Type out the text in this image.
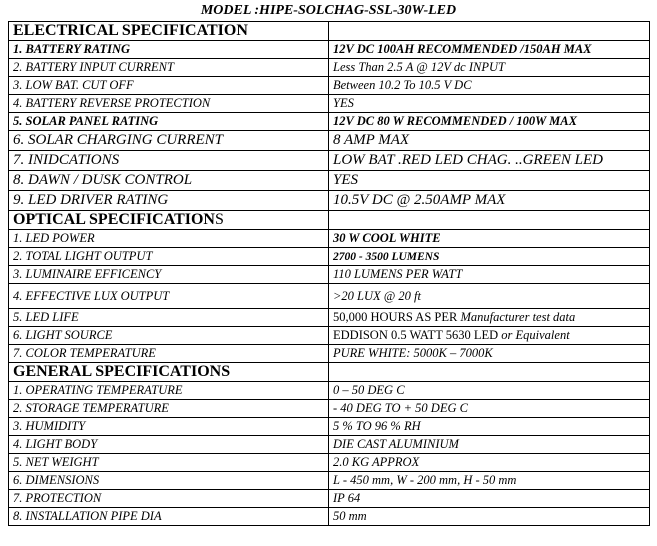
MODEL :HIPE-SOLCHAG-SSL-30W-LED
ELECTRICAL SPECIFICATION	
1. BATTERY RATING	12V DC 100AH RECOMMENDED /150AH MAX
2. BATTERY INPUT CURRENT	Less Than 2.5 A @ 12V dc INPUT
3. LOW BAT. CUT OFF	Between 10.2 To 10.5 V DC
4. BATTERY REVERSE PROTECTION	YES
5. SOLAR PANEL RATING	12V DC 80 W RECOMMENDED / 100W MAX
6. SOLAR CHARGING CURRENT	8 AMP MAX
7. INIDCATIONS	LOW BAT .RED LED CHAG. ..GREEN LED
8. DAWN / DUSK CONTROL	YES
9. LED DRIVER RATING	10.5V DC @ 2.50AMP MAX
OPTICAL SPECIFICATIONS	
1. LED POWER	30 W COOL WHITE
2. TOTAL LIGHT OUTPUT	2700 - 3500 LUMENS
3. LUMINAIRE EFFICENCY	110 LUMENS PER WATT
4. EFFECTIVE LUX OUTPUT	>20 LUX @ 20 ft
5. LED LIFE	50,000 HOURS AS PER Manufacturer test data
6. LIGHT SOURCE	EDDISON 0.5 WATT 5630 LED or Equivalent
7. COLOR TEMPERATURE	PURE WHITE: 5000K – 7000K
GENERAL SPECIFICATIONS	
1. OPERATING TEMPERATURE	0 – 50 DEG C
2. STORAGE TEMPERATURE	- 40 DEG TO + 50 DEG C
3. HUMIDITY	5 % TO 96 % RH
4. LIGHT BODY	DIE CAST ALUMINIUM
5. NET WEIGHT	2.0 KG APPROX
6. DIMENSIONS	L - 450 mm, W - 200 mm, H - 50 mm
7. PROTECTION	IP 64
8. INSTALLATION PIPE DIA	50 mm
